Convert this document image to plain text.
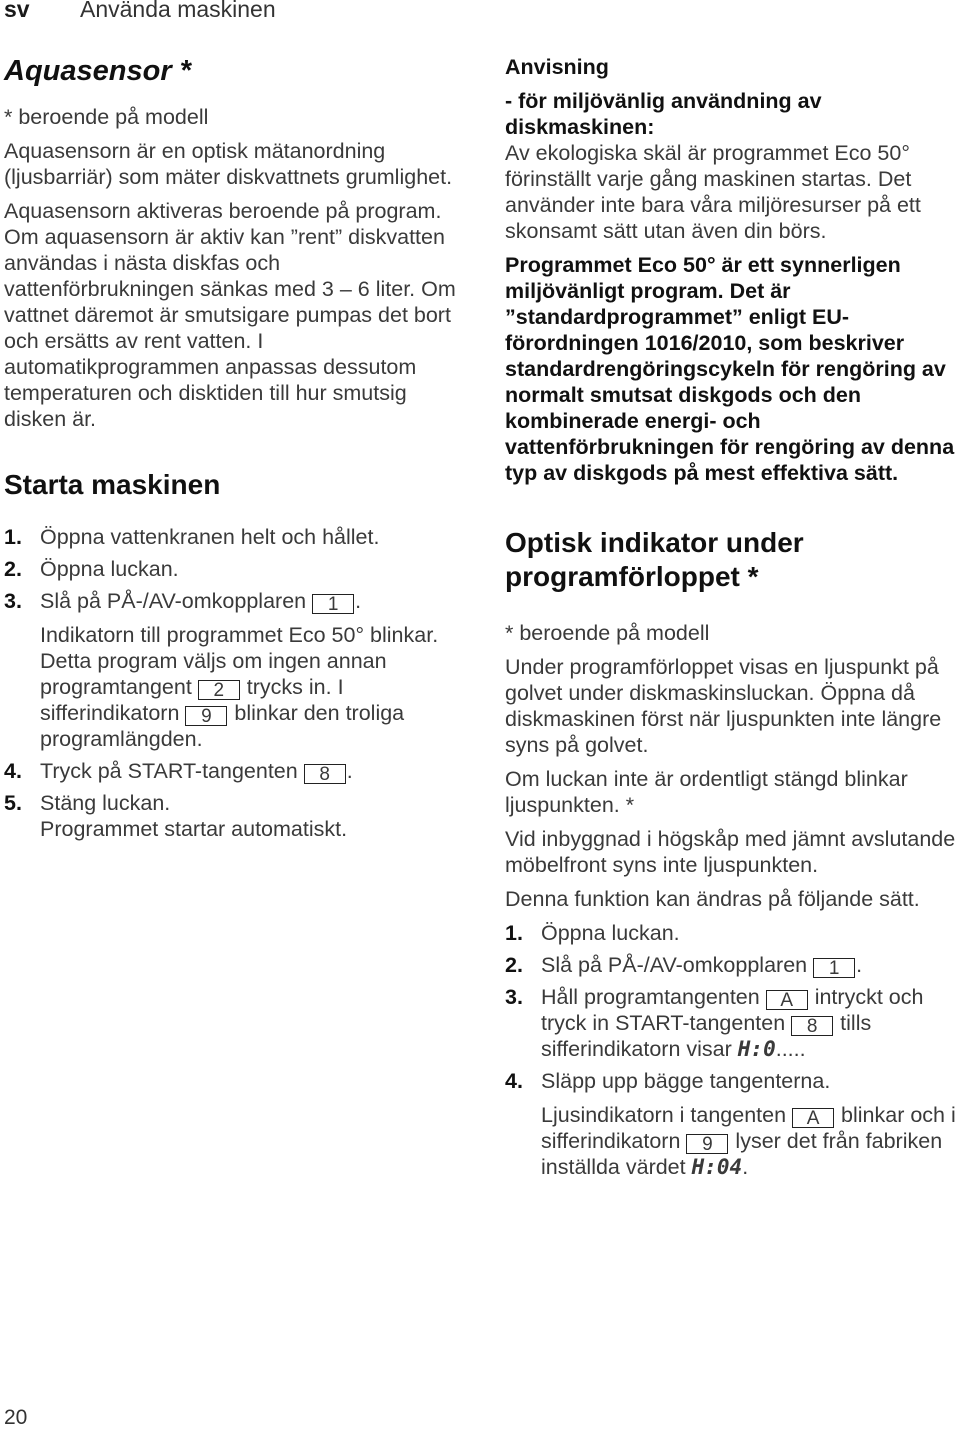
sv Använda maskinen
Aquasensor *

* beroende på modell

Aquasensorn är en optisk mätanordning (ljusbarriär) som mäter diskvattnets grumlighet.

Aquasensorn aktiveras beroende på program. Om aquasensorn är aktiv kan ”rent” diskvatten användas i nästa diskfas och vattenförbrukningen sänkas med 3 – 6 liter. Om vattnet däremot är smutsigare pumpas det bort och ersätts av rent vatten. I automatikprogrammen anpassas dessutom temperaturen och disktiden till hur smutsig disken är.

Starta maskinen
1. Öppna vattenkranen helt och hållet.
2. Öppna luckan.
3. Slå på PÅ-/AV-omkopplaren 1 .
Indikatorn till programmet Eco 50° blinkar. Detta program väljs om ingen annan programtangent 2 trycks in. I sifferindikatorn 9 blinkar den troliga programlängden.
4. Tryck på START-tangenten 8 .
5. Stäng luckan.
Programmet startar automatiskt.
Anvisning
- för miljövänlig användning av diskmaskinen:

Av ekologiska skäl är programmet Eco 50° förinställt varje gång maskinen startas. Det använder inte bara våra miljöresurser på ett skonsamt sätt utan även din börs.

Programmet Eco 50° är ett synnerligen miljövänligt program. Det är ”standardprogrammet” enligt EU-förordningen 1016/2010, som beskriver standardrengöringscykeln för rengöring av normalt smutsat diskgods och den kombinerade energi- och vattenförbrukningen för rengöring av denna typ av diskgods på mest effektiva sätt.

Optisk indikator under programförloppet *

* beroende på modell

Under programförloppet visas en ljuspunkt på golvet under diskmaskinsluckan. Öppna då diskmaskinen först när ljuspunkten inte längre syns på golvet.

Om luckan inte är ordentligt stängd blinkar ljuspunkten. *

Vid inbyggnad i högskåp med jämnt avslutande möbelfront syns inte ljuspunkten.

Denna funktion kan ändras på följande sätt.

1. Öppna luckan.
2. Slå på PÅ-/AV-omkopplaren 1 .
3. Håll programtangenten A intryckt och tryck in START-tangenten 8 tills sifferindikatorn visar H:0.....
4. Släpp upp bägge tangenterna.
Ljusindikatorn i tangenten A blinkar och i sifferindikatorn 9 lyser det från fabriken inställda värdet H:04.
20
